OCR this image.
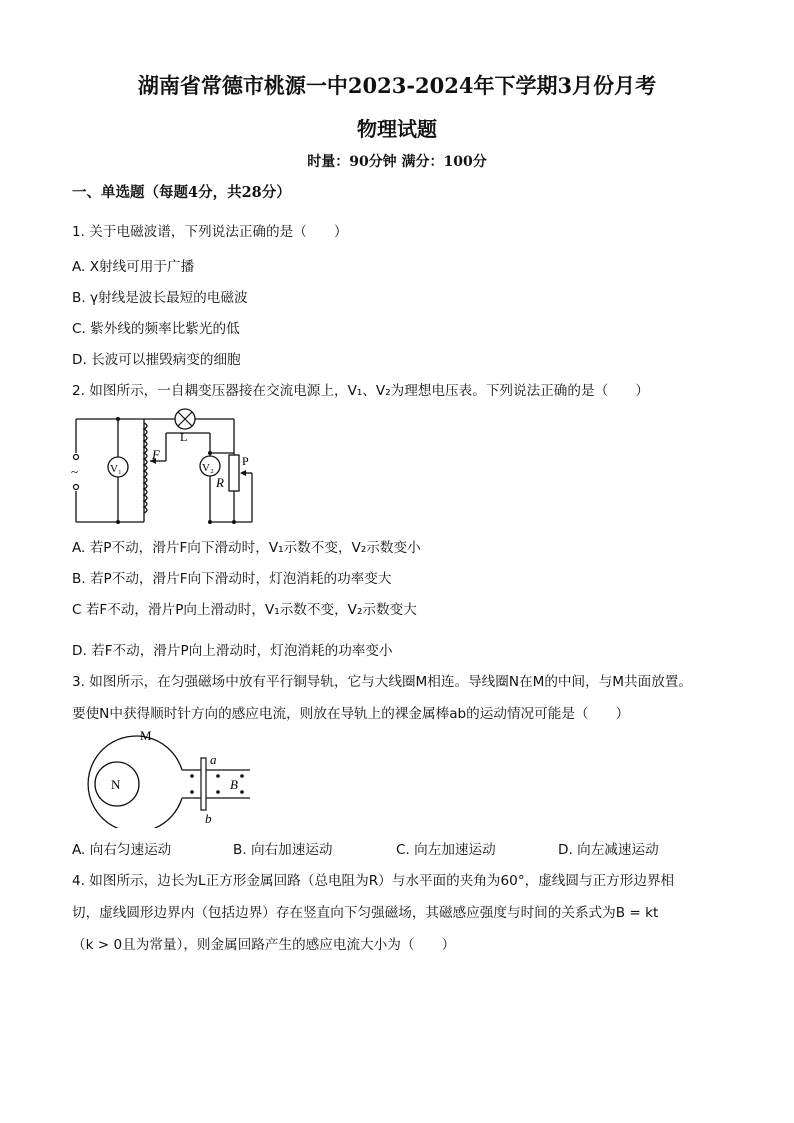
湖南省常德市桃源一中2023-2024年下学期3月份月考
物理试题
时量：90分钟 满分：100分
一、单选题（每题4分，共28分）
1. 关于电磁波谱，下列说法正确的是（　　）
A. X射线可用于广播
B. γ射线是波长最短的电磁波
C. 紫外线的频率比紫光的低
D. 长波可以摧毁病变的细胞
2. 如图所示，一自耦变压器接在交流电源上，V₁、V₂为理想电压表。下列说法正确的是（　　）
~	V₁
L
F
V₂ P
R
A. 若P不动，滑片F向下滑动时，V₁示数不变，V₂示数变小
B. 若P不动，滑片F向下滑动时，灯泡消耗的功率变大
C 若F不动，滑片P向上滑动时，V₁示数不变，V₂示数变大
D. 若F不动，滑片P向上滑动时，灯泡消耗的功率变小
3. 如图所示，在匀强磁场中放有平行铜导轨，它与大线圈M相连。导线圈N在M的中间，与M共面放置。
要使N中获得顺时针方向的感应电流，则放在导轨上的裸金属棒ab的运动情况可能是（　　）
N
M
a
b
B
A. 向右匀速运动	B. 向右加速运动	C. 向左加速运动	D. 向左减速运动
4. 如图所示，边长为L正方形金属回路（总电阻为R）与水平面的夹角为60°，虚线圆与正方形边界相
切，虚线圆形边界内（包括边界）存在竖直向下匀强磁场，其磁感应强度与时间的关系式为B = kt
（k > 0且为常量），则金属回路产生的感应电流大小为（　　）
